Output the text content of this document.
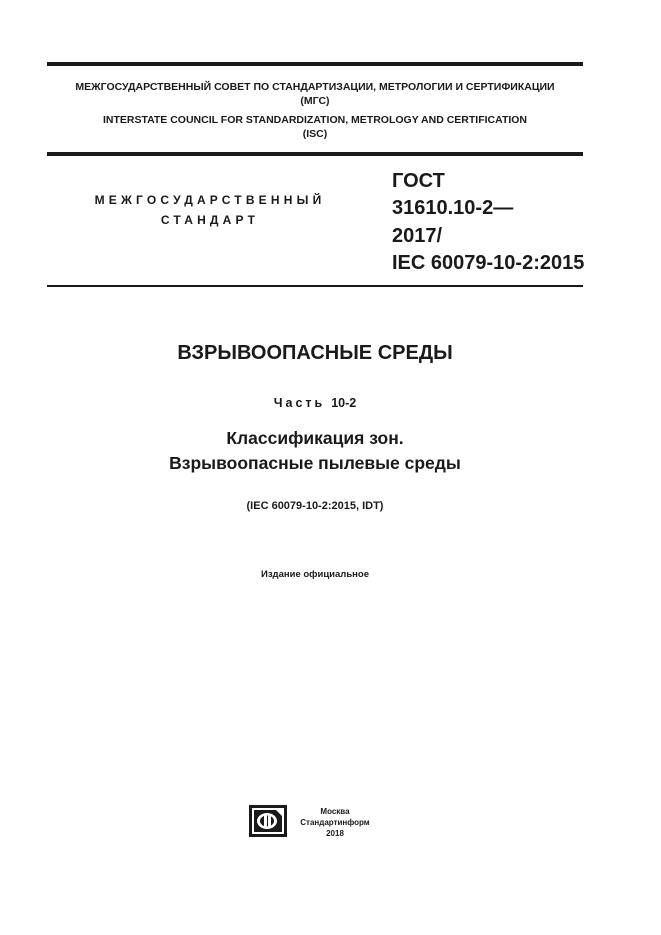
МЕЖГОСУДАРСТВЕННЫЙ СОВЕТ ПО СТАНДАРТИЗАЦИИ, МЕТРОЛОГИИ И СЕРТИФИКАЦИИ
(МГС)
INTERSTATE COUNCIL FOR STANDARDIZATION, METROLOGY AND CERTIFICATION
(ISC)
МЕЖГОСУДАРСТВЕННЫЙ
СТАНДАРТ
ГОСТ
31610.10-2—
2017/
IEC 60079-10-2:2015
ВЗРЫВООПАСНЫЕ СРЕДЫ
Часть 10-2
Классификация зон.
Взрывоопасные пылевые среды
(IEC 60079-10-2:2015, IDT)
Издание официальное
Москва
Стандартинформ
2018
